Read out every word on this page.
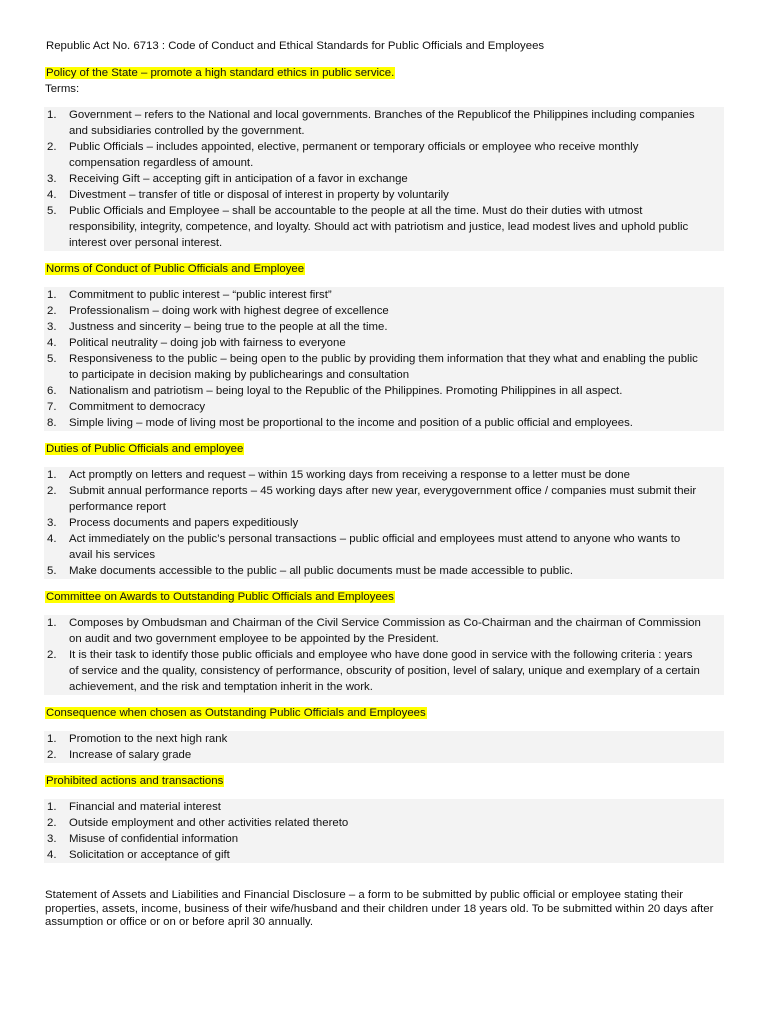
Republic Act No. 6713 : Code of Conduct and Ethical Standards for Public Officials and Employees
Policy of the State – promote a high standard ethics in public service.
Terms:
1. Government – refers to the National and local governments. Branches of the Republicof the Philippines including companies and subsidiaries controlled by the government.
2. Public Officials – includes appointed, elective, permanent or temporary officials or employee who receive monthly compensation regardless of amount.
3. Receiving Gift – accepting gift in anticipation of a favor in exchange
4. Divestment – transfer of title or disposal of interest in property by voluntarily
5. Public Officials and Employee – shall be accountable to the people at all the time. Must do their duties with utmost responsibility, integrity, competence, and loyalty. Should act with patriotism and justice, lead modest lives and uphold public interest over personal interest.
Norms of Conduct of Public Officials and Employee
1. Commitment to public interest – “public interest first”
2. Professionalism – doing work with highest degree of excellence
3. Justness and sincerity – being true to the people at all the time.
4. Political neutrality – doing job with fairness to everyone
5. Responsiveness to the public – being open to the public by providing them information that they what and enabling the public to participate in decision making by publichearings and consultation
6. Nationalism and patriotism – being loyal to the Republic of the Philippines. Promoting Philippines in all aspect.
7. Commitment to democracy
8. Simple living – mode of living most be proportional to the income and position of a public official and employees.
Duties of Public Officials and employee
1. Act promptly on letters and request – within 15 working days from receiving a response to a letter must be done
2. Submit annual performance reports – 45 working days after new year, everygovernment office / companies must submit their performance report
3. Process documents and papers expeditiously
4. Act immediately on the public’s personal transactions – public official and employees must attend to anyone who wants to avail his services
5. Make documents accessible to the public – all public documents must be made accessible to public.
Committee on Awards to Outstanding Public Officials and Employees
1. Composes by Ombudsman and Chairman of the Civil Service Commission as Co-Chairman and the chairman of Commission on audit and two government employee to be appointed by the President.
2. It is their task to identify those public officials and employee who have done good in service with the following criteria : years of service and the quality, consistency of performance, obscurity of position, level of salary, unique and exemplary of a certain achievement, and the risk and temptation inherit in the work.
Consequence when chosen as Outstanding Public Officials and Employees
1. Promotion to the next high rank
2. Increase of salary grade
Prohibited actions and transactions
1. Financial and material interest
2. Outside employment and other activities related thereto
3. Misuse of confidential information
4. Solicitation or acceptance of gift
Statement of Assets and Liabilities and Financial Disclosure – a form to be submitted by public official or employee stating their properties, assets, income, business of their wife/husband and their children under 18 years old. To be submitted within 20 days after assumption or office or on or before april 30 annually.
